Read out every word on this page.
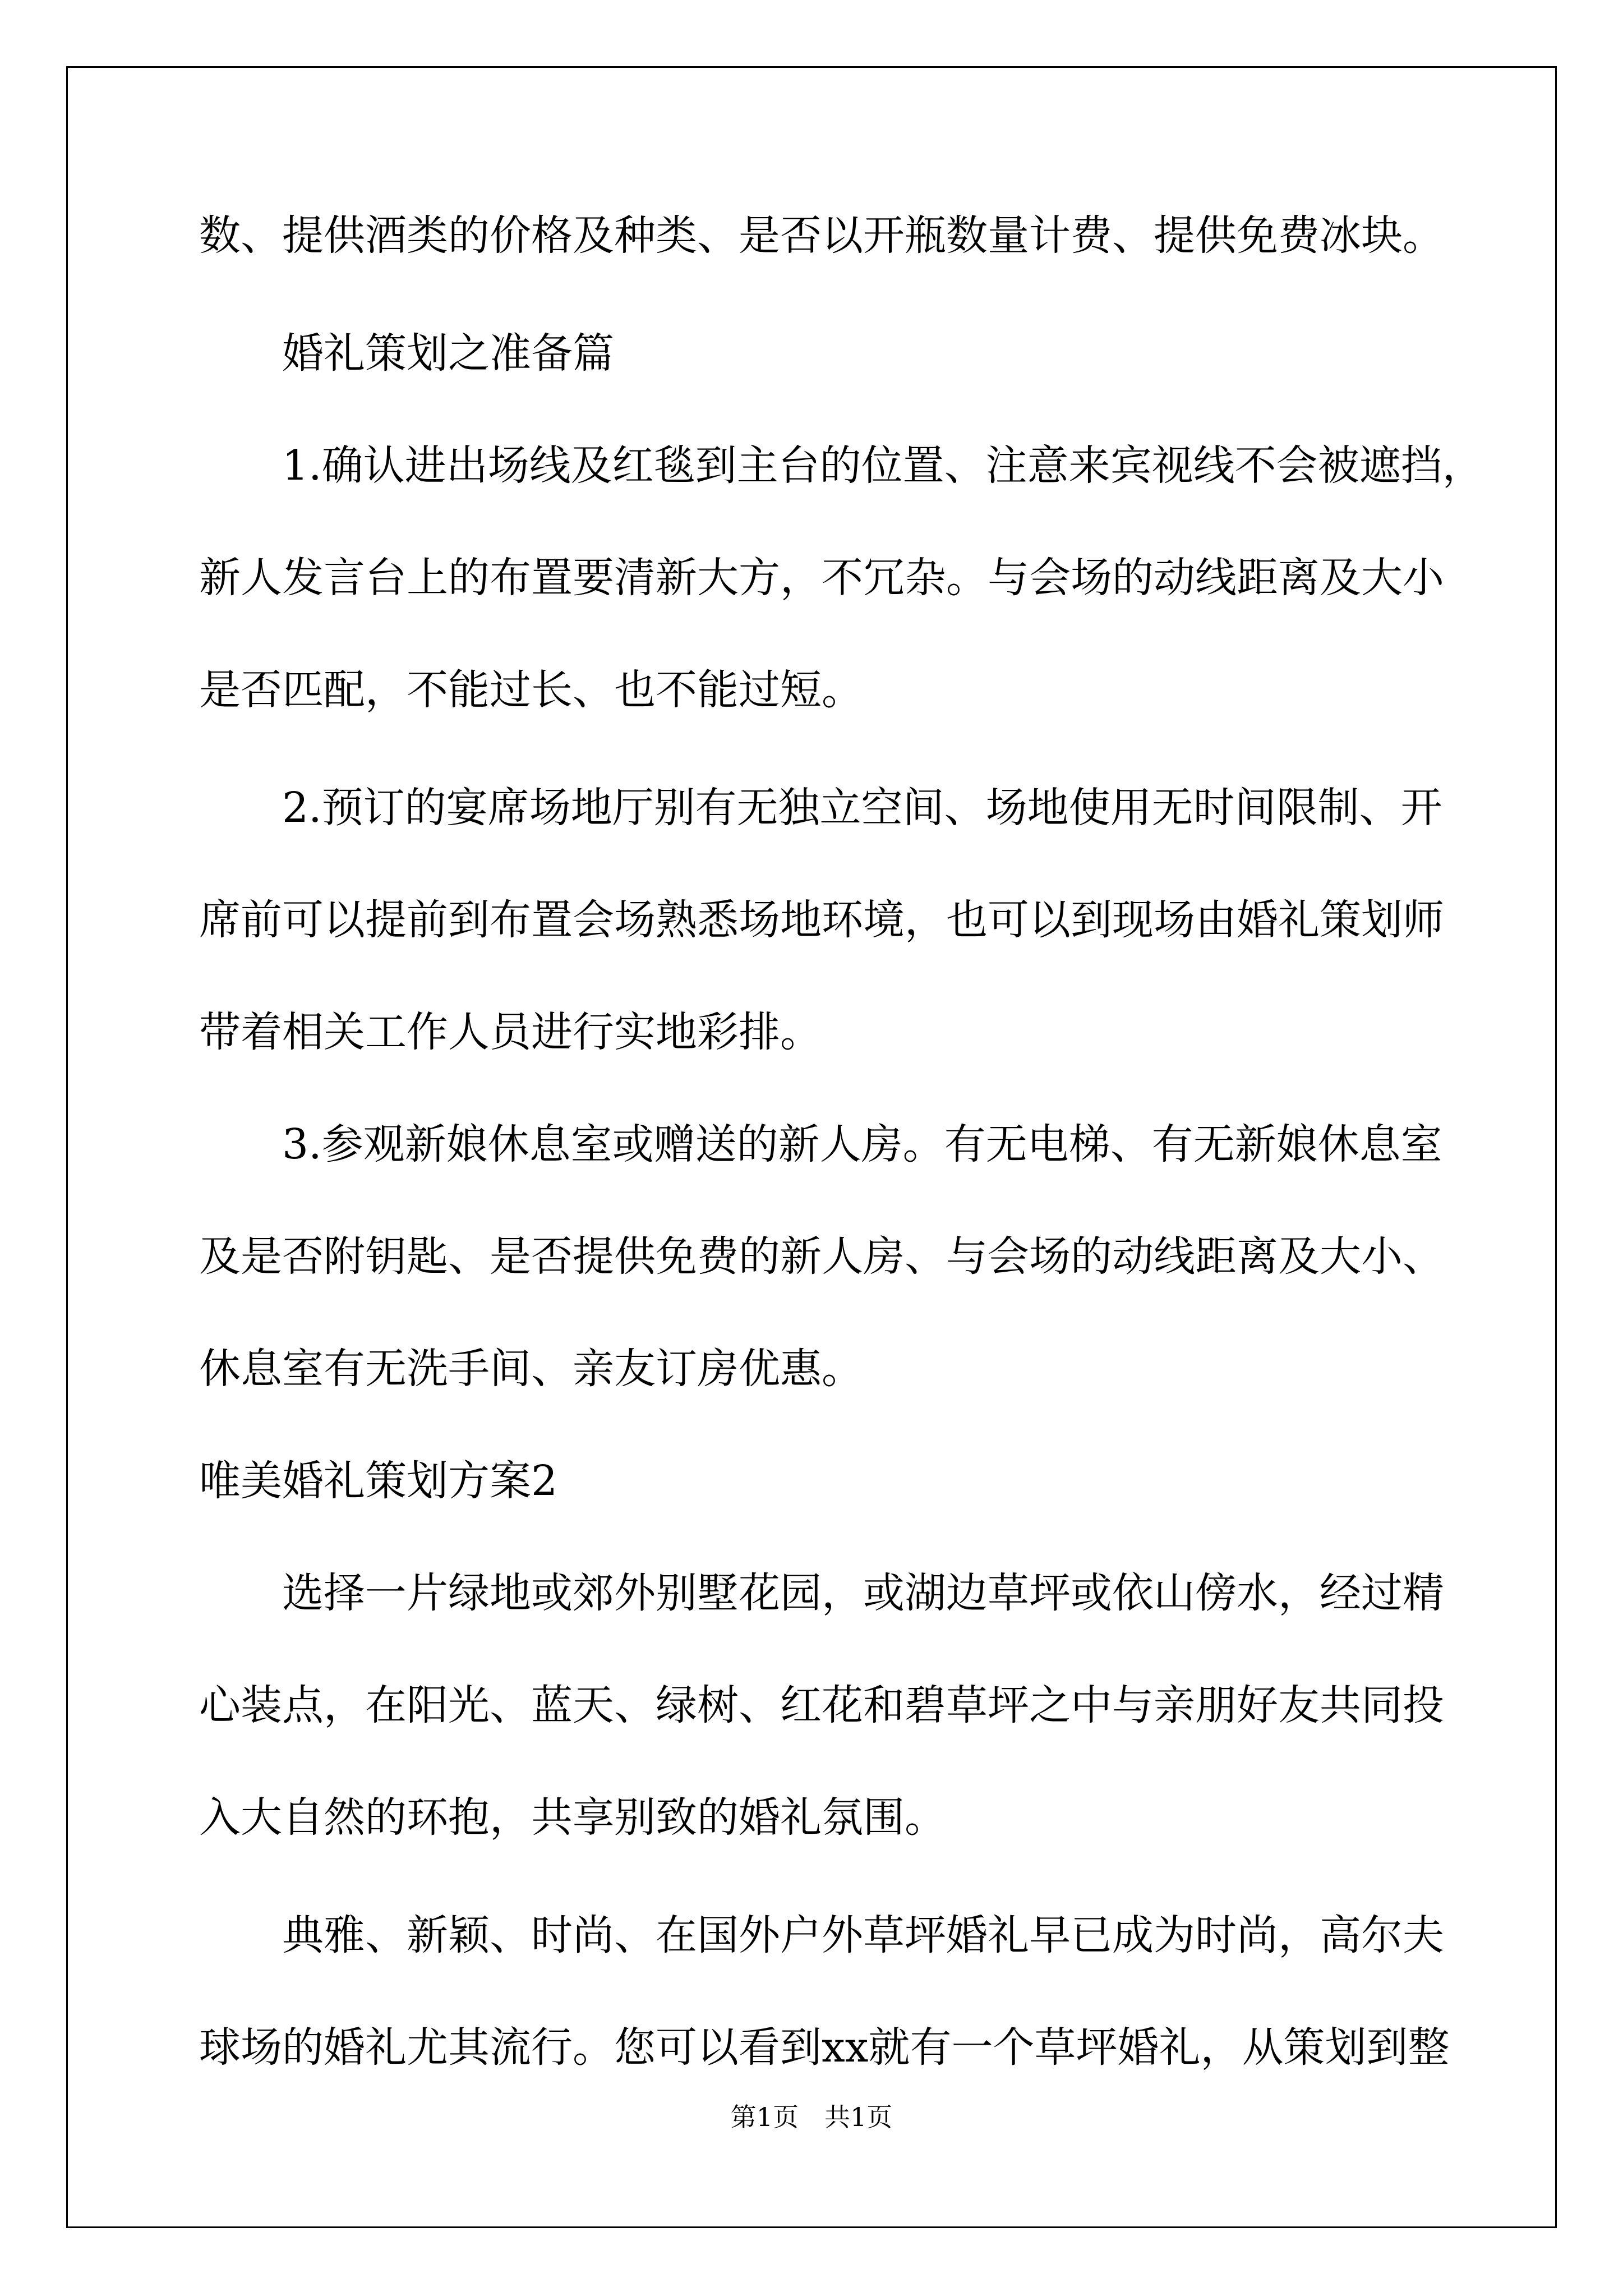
数、提供酒类的价格及种类、是否以开瓶数量计费、提供免费冰块。

　　婚礼策划之准备篇

　　1.确认进出场线及红毯到主台的位置、注意来宾视线不会被遮挡，

新人发言台上的布置要清新大方，不冗杂。与会场的动线距离及大小

是否匹配，不能过长、也不能过短。

　　2.预订的宴席场地厅别有无独立空间、场地使用无时间限制、开

席前可以提前到布置会场熟悉场地环境，也可以到现场由婚礼策划师

带着相关工作人员进行实地彩排。

　　3.参观新娘休息室或赠送的新人房。有无电梯、有无新娘休息室

及是否附钥匙、是否提供免费的新人房、与会场的动线距离及大小、

休息室有无洗手间、亲友订房优惠。

唯美婚礼策划方案2

　　选择一片绿地或郊外别墅花园，或湖边草坪或依山傍水，经过精

心装点，在阳光、蓝天、绿树、红花和碧草坪之中与亲朋好友共同投

入大自然的环抱，共享别致的婚礼氛围。

　　典雅、新颖、时尚、在国外户外草坪婚礼早已成为时尚，高尔夫

球场的婚礼尤其流行。您可以看到xx就有一个草坪婚礼，从策划到整

第1页　共1页
